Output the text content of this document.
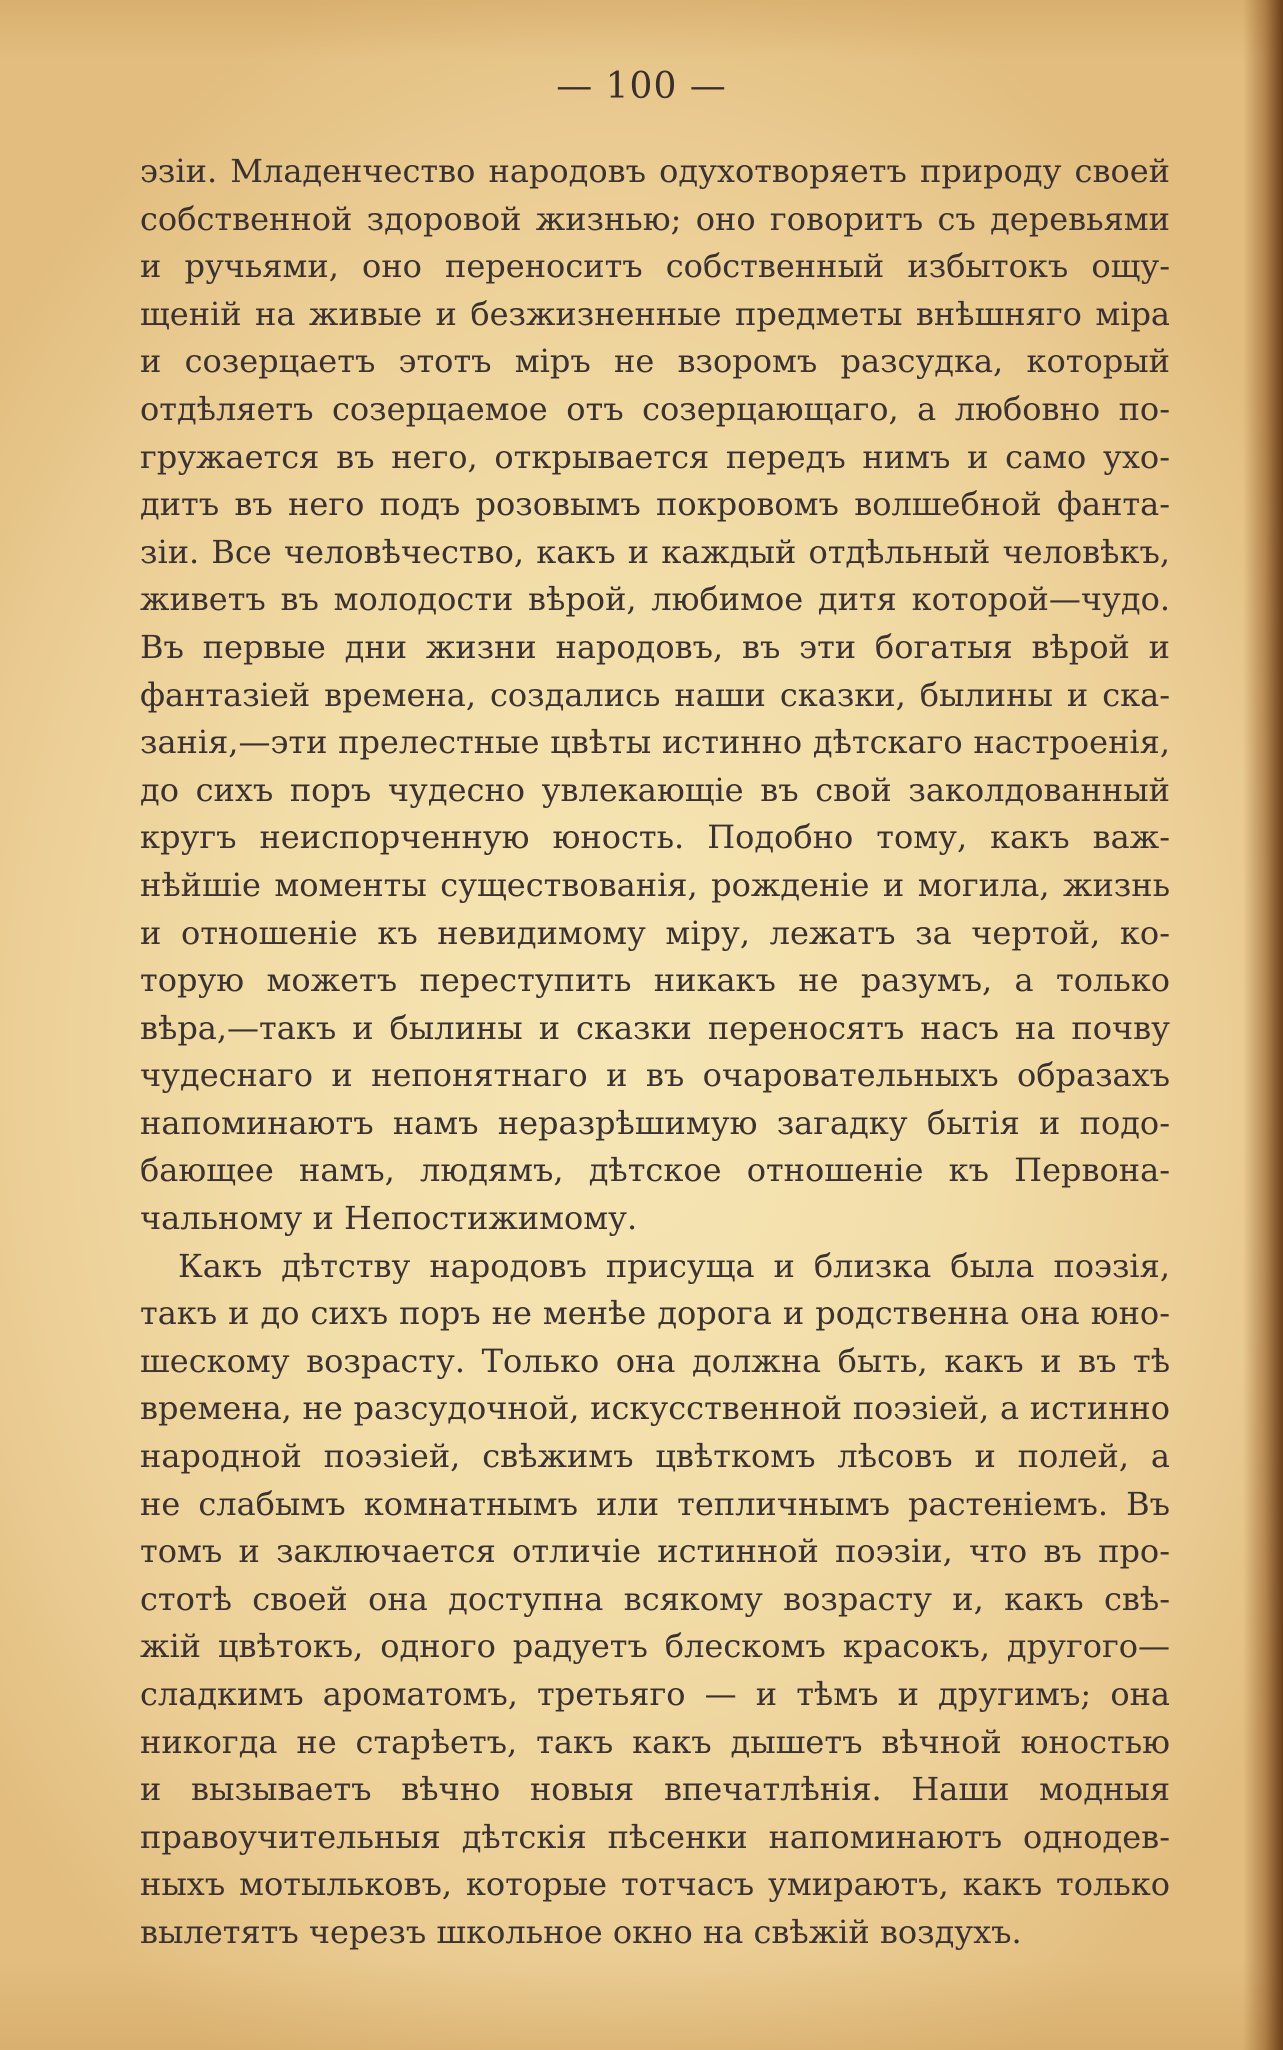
— 100 —
эзіи. Младенчество народовъ одухотворяетъ природу своей
собственной здоровой жизнью; оно говоритъ съ деревьями
и ручьями, оно переноситъ собственный избытокъ ощу-
щеній на живые и безжизненные предметы внѣшняго міра
и созерцаетъ этотъ міръ не взоромъ разсудка, который
отдѣляетъ созерцаемое отъ созерцающаго, а любовно по-
гружается въ него, открывается передъ нимъ и само ухо-
дитъ въ него подъ розовымъ покровомъ волшебной фанта-
зіи. Все человѣчество, какъ и каждый отдѣльный человѣкъ,
живетъ въ молодости вѣрой, любимое дитя которой—чудо.
Въ первые дни жизни народовъ, въ эти богатыя вѣрой и
фантазіей времена, создались наши сказки, былины и ска-
занія,—эти прелестные цвѣты истинно дѣтскаго настроенія,
до сихъ поръ чудесно увлекающіе въ свой заколдованный
кругъ неиспорченную юность. Подобно тому, какъ важ-
нѣйшіе моменты существованія, рожденіе и могила, жизнь
и отношеніе къ невидимому міру, лежатъ за чертой, ко-
торую можетъ переступить никакъ не разумъ, а только
вѣра,—такъ и былины и сказки переносятъ насъ на почву
чудеснаго и непонятнаго и въ очаровательныхъ образахъ
напоминаютъ намъ неразрѣшимую загадку бытія и подо-
бающее намъ, людямъ, дѣтское отношеніе къ Первона-
чальному и Непостижимому.
Какъ дѣтству народовъ присуща и близка была поэзія,
такъ и до сихъ поръ не менѣе дорога и родственна она юно-
шескому возрасту. Только она должна быть, какъ и въ тѣ
времена, не разсудочной, искусственной поэзіей, а истинно
народной поэзіей, свѣжимъ цвѣткомъ лѣсовъ и полей, а
не слабымъ комнатнымъ или тепличнымъ растеніемъ. Въ
томъ и заключается отличіе истинной поэзіи, что въ про-
стотѣ своей она доступна всякому возрасту и, какъ свѣ-
жій цвѣтокъ, одного радуетъ блескомъ красокъ, другого—
сладкимъ ароматомъ, третьяго — и тѣмъ и другимъ; она
никогда не старѣетъ, такъ какъ дышетъ вѣчной юностью
и вызываетъ вѣчно новыя впечатлѣнія. Наши модныя
правоучительныя дѣтскія пѣсенки напоминаютъ однодев-
ныхъ мотыльковъ, которые тотчасъ умираютъ, какъ только
вылетятъ черезъ школьное окно на свѣжій воздухъ.
